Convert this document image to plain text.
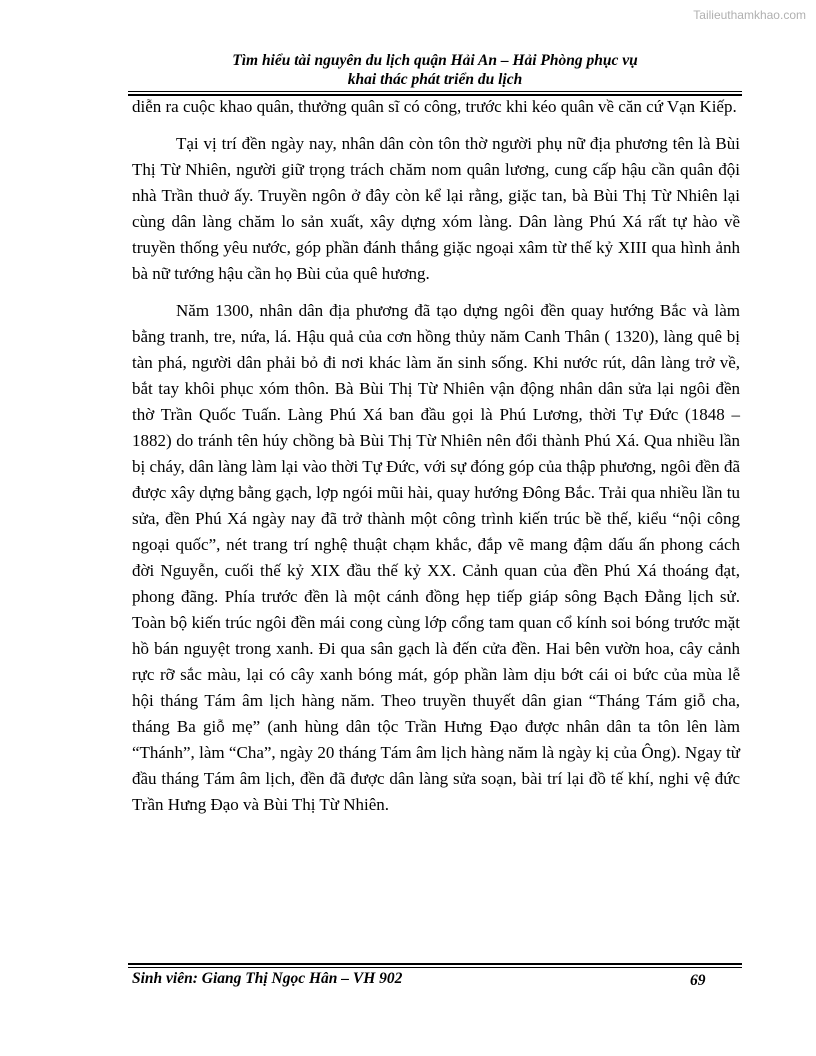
Tailieuthamkhao.com
Tìm hiểu tài nguyên du lịch quận Hải An – Hải Phòng phục vụ
khai thác phát triển du lịch

diễn ra cuộc khao quân, thưởng quân sĩ có công, trước khi kéo quân về căn cứ Vạn Kiếp.

Tại vị trí đền ngày nay, nhân dân còn tôn thờ người phụ nữ địa phương tên là Bùi Thị Từ Nhiên, người giữ trọng trách chăm nom quân lương, cung cấp hậu cần quân đội nhà Trần thuở ấy. Truyền ngôn ở đây còn kể lại rằng, giặc tan, bà Bùi Thị Từ Nhiên lại cùng dân làng chăm lo sản xuất, xây dựng xóm làng. Dân làng Phú Xá rất tự hào về truyền thống yêu nước, góp phần đánh thắng giặc ngoại xâm từ thế kỷ XIII qua hình ảnh bà nữ tướng hậu cần họ Bùi của quê hương.

Năm 1300, nhân dân địa phương đã tạo dựng ngôi đền quay hướng Bắc và làm bằng tranh, tre, nứa, lá. Hậu quả của cơn hồng thủy năm Canh Thân ( 1320), làng quê bị tàn phá, người dân phải bỏ đi nơi khác làm ăn sinh sống. Khi nước rút, dân làng trở về, bắt tay khôi phục xóm thôn. Bà Bùi Thị Từ Nhiên vận động nhân dân sửa lại ngôi đền thờ Trần Quốc Tuấn. Làng Phú Xá ban đầu gọi là Phú Lương, thời Tự Đức (1848 – 1882) do tránh tên húy chồng bà Bùi Thị Từ Nhiên nên đổi thành Phú Xá. Qua nhiều lần bị cháy, dân làng làm lại vào thời Tự Đức, với sự đóng góp của thập phương, ngôi đền đã được xây dựng bằng gạch, lợp ngói mũi hài, quay hướng Đông Bắc. Trải qua nhiều lần tu sửa, đền Phú Xá ngày nay đã trở thành một công trình kiến trúc bề thế, kiểu “nội công ngoại quốc”, nét trang trí nghệ thuật chạm khắc, đắp vẽ mang đậm dấu ấn phong cách đời Nguyễn, cuối thế kỷ XIX đầu thế kỷ XX. Cảnh quan của đền Phú Xá thoáng đạt, phong đãng. Phía trước đền là một cánh đồng hẹp tiếp giáp sông Bạch Đằng lịch sử. Toàn bộ kiến trúc ngôi đền mái cong cùng lớp cổng tam quan cổ kính soi bóng trước mặt hồ bán nguyệt trong xanh. Đi qua sân gạch là đến cửa đền. Hai bên vườn hoa, cây cảnh rực rỡ sắc màu, lại có cây xanh bóng mát, góp phần làm dịu bớt cái oi bức của mùa lễ hội tháng Tám âm lịch hàng năm. Theo truyền thuyết dân gian “Tháng Tám giỗ cha, tháng Ba giỗ mẹ” (anh hùng dân tộc Trần Hưng Đạo được nhân dân ta tôn lên làm “Thánh”, làm “Cha”, ngày 20 tháng Tám âm lịch hàng năm là ngày kị của Ông). Ngay từ đầu tháng Tám âm lịch, đền đã được dân làng sửa soạn, bài trí lại đồ tế khí, nghi vệ đức Trần Hưng Đạo và Bùi Thị Từ Nhiên.

Sinh viên: Giang Thị Ngọc Hân – VH 902	69
